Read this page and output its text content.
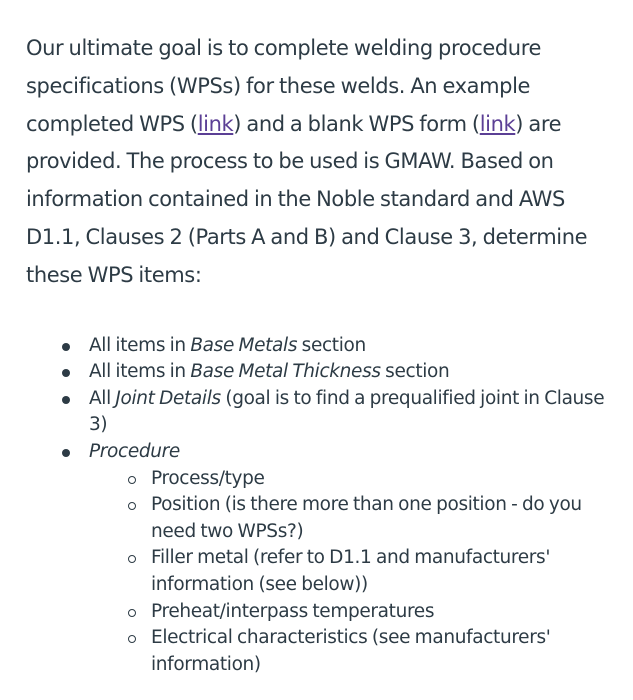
Our ultimate goal is to complete welding procedure specifications (WPSs) for these welds. An example completed WPS (link) and a blank WPS form (link) are provided. The process to be used is GMAW. Based on information contained in the Noble standard and AWS D1.1, Clauses 2 (Parts A and B) and Clause 3, determine these WPS items:

All items in Base Metals section
All items in Base Metal Thickness section
All Joint Details (goal is to find a prequalified joint in Clause 3)
Procedure
Process/type
Position (is there more than one position - do you need two WPSs?)
Filler metal (refer to D1.1 and manufacturers' information (see below))
Preheat/interpass temperatures
Electrical characteristics (see manufacturers' information)
